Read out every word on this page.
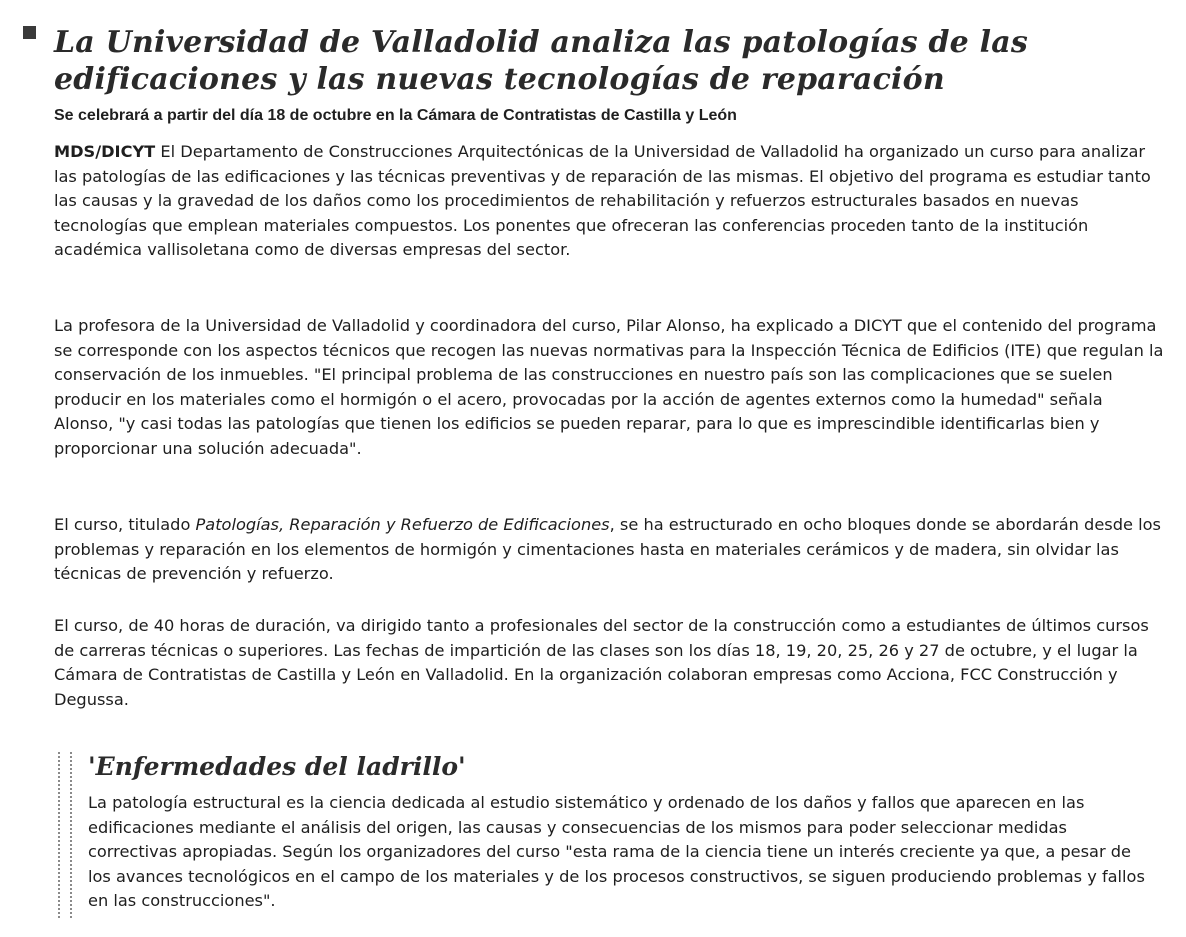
La Universidad de Valladolid analiza las patologías de las edificaciones y las nuevas tecnologías de reparación

Se celebrará a partir del día 18 de octubre en la Cámara de Contratistas de Castilla y León

MDS/DICYT El Departamento de Construcciones Arquitectónicas de la Universidad de Valladolid ha organizado un curso para analizar las patologías de las edificaciones y las técnicas preventivas y de reparación de las mismas. El objetivo del programa es estudiar tanto las causas y la gravedad de los daños como los procedimientos de rehabilitación y refuerzos estructurales basados en nuevas tecnologías que emplean materiales compuestos. Los ponentes que ofreceran las conferencias proceden tanto de la institución académica vallisoletana como de diversas empresas del sector.

La profesora de la Universidad de Valladolid y coordinadora del curso, Pilar Alonso, ha explicado a DICYT que el contenido del programa se corresponde con los aspectos técnicos que recogen las nuevas normativas para la Inspección Técnica de Edificios (ITE) que regulan la conservación de los inmuebles. "El principal problema de las construcciones en nuestro país son las complicaciones que se suelen producir en los materiales como el hormigón o el acero, provocadas por la acción de agentes externos como la humedad" señala Alonso, "y casi todas las patologías que tienen los edificios se pueden reparar, para lo que es imprescindible identificarlas bien y proporcionar una solución adecuada".

El curso, titulado Patologías, Reparación y Refuerzo de Edificaciones, se ha estructurado en ocho bloques donde se abordarán desde los problemas y reparación en los elementos de hormigón y cimentaciones hasta en materiales cerámicos y de madera, sin olvidar las técnicas de prevención y refuerzo.

El curso, de 40 horas de duración, va dirigido tanto a profesionales del sector de la construcción como a estudiantes de últimos cursos de carreras técnicas o superiores. Las fechas de impartición de las clases son los días 18, 19, 20, 25, 26 y 27 de octubre, y el lugar la Cámara de Contratistas de Castilla y León en Valladolid. En la organización colaboran empresas como Acciona, FCC Construcción y Degussa.

'Enfermedades del ladrillo'

La patología estructural es la ciencia dedicada al estudio sistemático y ordenado de los daños y fallos que aparecen en las edificaciones mediante el análisis del origen, las causas y consecuencias de los mismos para poder seleccionar medidas correctivas apropiadas. Según los organizadores del curso "esta rama de la ciencia tiene un interés creciente ya que, a pesar de los avances tecnológicos en el campo de los materiales y de los procesos constructivos, se siguen produciendo problemas y fallos en las construcciones".
